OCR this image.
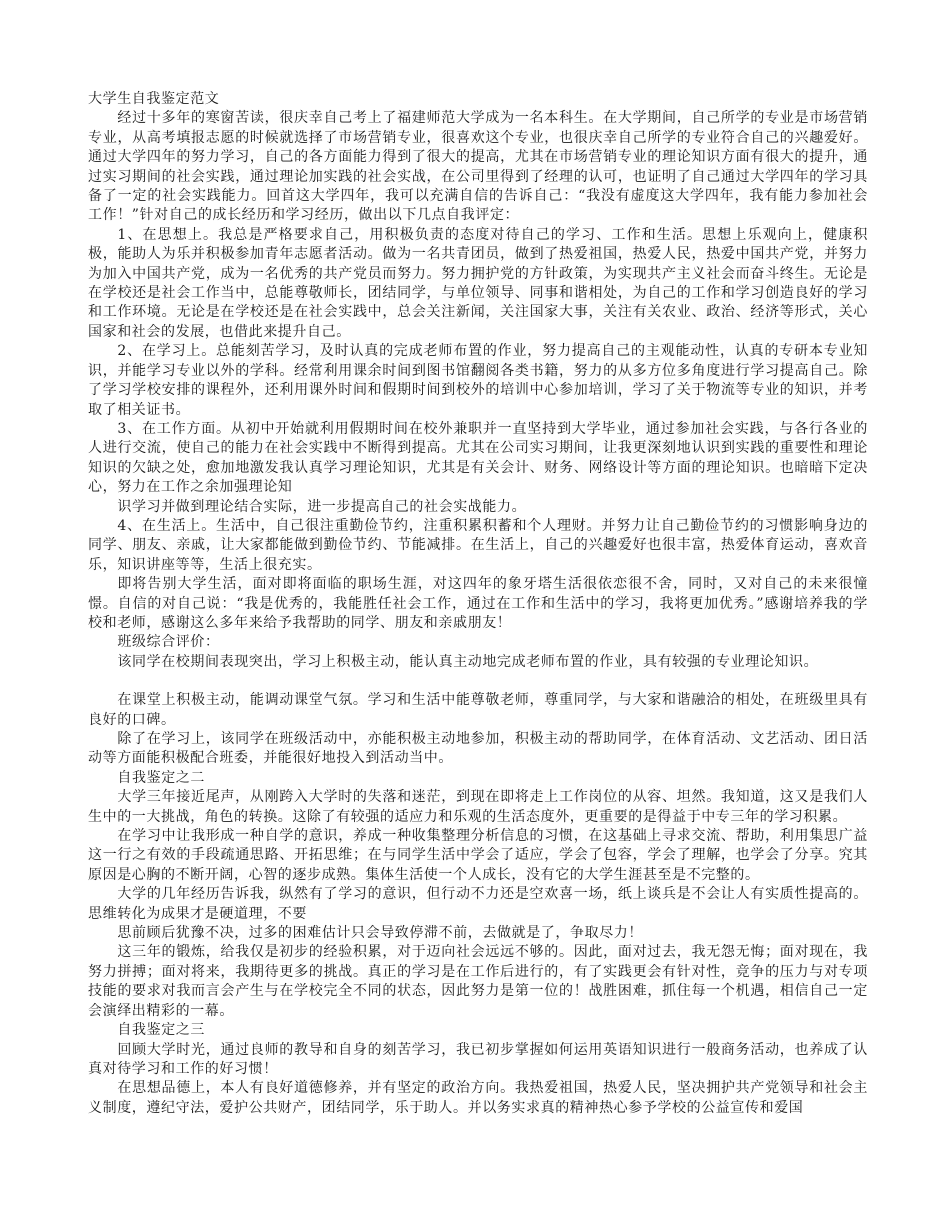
大学生自我鉴定范文

经过十多年的寒窗苦读，很庆幸自己考上了福建师范大学成为一名本科生。在大学期间，自己所学的专业是市场营销专业，从高考填报志愿的时候就选择了市场营销专业，很喜欢这个专业，也很庆幸自己所学的专业符合自己的兴趣爱好。通过大学四年的努力学习，自己的各方面能力得到了很大的提高，尤其在市场营销专业的理论知识方面有很大的提升，通过实习期间的社会实践，通过理论加实践的社会实战，在公司里得到了经理的认可，也证明了自己通过大学四年的学习具备了一定的社会实践能力。回首这大学四年，我可以充满自信的告诉自己：“我没有虚度这大学四年，我有能力参加社会工作！”针对自己的成长经历和学习经历，做出以下几点自我评定：

1、在思想上。我总是严格要求自己，用积极负责的态度对待自己的学习、工作和生活。思想上乐观向上，健康积极，能助人为乐并积极参加青年志愿者活动。做为一名共青团员，做到了热爱祖国，热爱人民，热爱中国共产党，并努力为加入中国共产党，成为一名优秀的共产党员而努力。努力拥护党的方针政策，为实现共产主义社会而奋斗终生。无论是在学校还是社会工作当中，总能尊敬师长，团结同学，与单位领导、同事和谐相处，为自己的工作和学习创造良好的学习和工作环境。无论是在学校还是在社会实践中，总会关注新闻，关注国家大事，关注有关农业、政治、经济等形式，关心国家和社会的发展，也借此来提升自己。

2、在学习上。总能刻苦学习，及时认真的完成老师布置的作业，努力提高自己的主观能动性，认真的专研本专业知识，并能学习专业以外的学科。经常利用课余时间到图书馆翻阅各类书籍，努力的从多方位多角度进行学习提高自己。除了学习学校安排的课程外，还利用课外时间和假期时间到校外的培训中心参加培训，学习了关于物流等专业的知识，并考取了相关证书。

3、在工作方面。从初中开始就利用假期时间在校外兼职并一直坚持到大学毕业，通过参加社会实践，与各行各业的人进行交流，使自己的能力在社会实践中不断得到提高。尤其在公司实习期间，让我更深刻地认识到实践的重要性和理论知识的欠缺之处，愈加地激发我认真学习理论知识，尤其是有关会计、财务、网络设计等方面的理论知识。也暗暗下定决心，努力在工作之余加强理论知

识学习并做到理论结合实际，进一步提高自己的社会实战能力。

4、在生活上。生活中，自己很注重勤俭节约，注重积累积蓄和个人理财。并努力让自己勤俭节约的习惯影响身边的同学、朋友、亲戚，让大家都能做到勤俭节约、节能减排。在生活上，自己的兴趣爱好也很丰富，热爱体育运动，喜欢音乐，知识讲座等等，生活上很充实。

即将告别大学生活，面对即将面临的职场生涯，对这四年的象牙塔生活很依恋很不舍，同时，又对自己的未来很憧憬。自信的对自己说：“我是优秀的，我能胜任社会工作，通过在工作和生活中的学习，我将更加优秀。”感谢培养我的学校和老师，感谢这么多年来给予我帮助的同学、朋友和亲戚朋友！

班级综合评价：

该同学在校期间表现突出，学习上积极主动，能认真主动地完成老师布置的作业，具有较强的专业理论知识。

在课堂上积极主动，能调动课堂气氛。学习和生活中能尊敬老师，尊重同学，与大家和谐融洽的相处，在班级里具有良好的口碑。

除了在学习上，该同学在班级活动中，亦能积极主动地参加，积极主动的帮助同学，在体育活动、文艺活动、团日活动等方面能积极配合班委，并能很好地投入到活动当中。

自我鉴定之二

大学三年接近尾声，从刚跨入大学时的失落和迷茫，到现在即将走上工作岗位的从容、坦然。我知道，这又是我们人生中的一大挑战，角色的转换。这除了有较强的适应力和乐观的生活态度外，更重要的是得益于中专三年的学习积累。

在学习中让我形成一种自学的意识，养成一种收集整理分析信息的习惯，在这基础上寻求交流、帮助，利用集思广益这一行之有效的手段疏通思路、开拓思维；在与同学生活中学会了适应，学会了包容，学会了理解，也学会了分享。究其原因是心胸的不断开阔，心智的逐步成熟。集体生活使一个人成长，没有它的大学生涯甚至是不完整的。

大学的几年经历告诉我，纵然有了学习的意识，但行动不力还是空欢喜一场，纸上谈兵是不会让人有实质性提高的。思维转化为成果才是硬道理，不要

思前顾后犹豫不决，过多的困难估计只会导致停滞不前，去做就是了，争取尽力！

这三年的锻炼，给我仅是初步的经验积累，对于迈向社会远远不够的。因此，面对过去，我无怨无悔；面对现在，我努力拼搏；面对将来，我期待更多的挑战。真正的学习是在工作后进行的，有了实践更会有针对性，竞争的压力与对专项技能的要求对我而言会产生与在学校完全不同的状态，因此努力是第一位的！战胜困难，抓住每一个机遇，相信自己一定会演绎出精彩的一幕。

自我鉴定之三

回顾大学时光，通过良师的教导和自身的刻苦学习，我已初步掌握如何运用英语知识进行一般商务活动，也养成了认真对待学习和工作的好习惯！

在思想品德上，本人有良好道德修养，并有坚定的政治方向。我热爱祖国，热爱人民，坚决拥护共产党领导和社会主义制度，遵纪守法，爱护公共财产，团结同学，乐于助人。并以务实求真的精神热心参予学校的公益宣传和爱国
